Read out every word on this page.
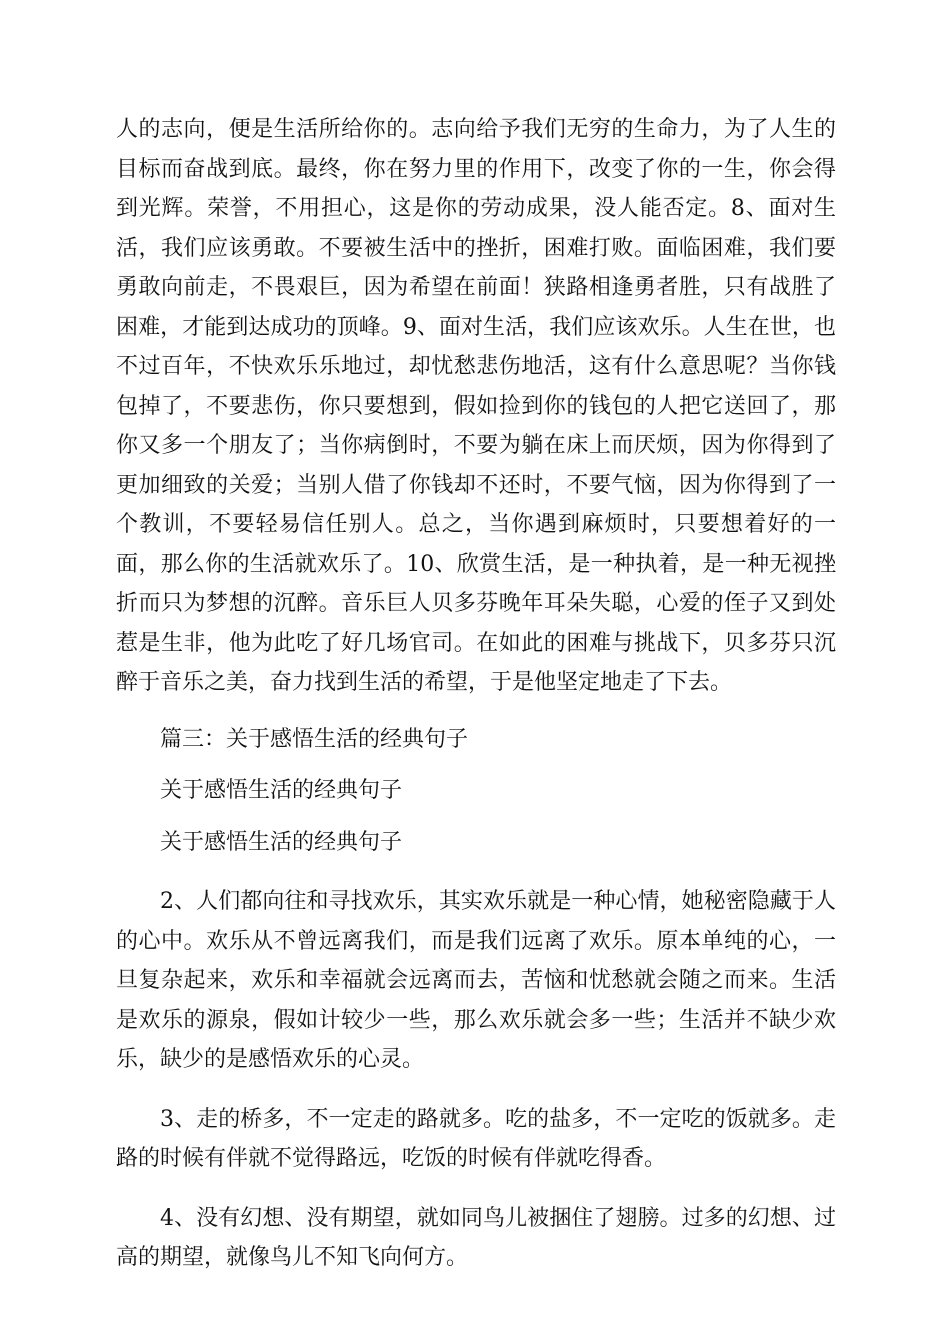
人的志向，便是生活所给你的。志向给予我们无穷的生命力，为了人生的目标而奋战到底。最终，你在努力里的作用下，改变了你的一生，你会得到光辉。荣誉，不用担心，这是你的劳动成果，没人能否定。8、面对生活，我们应该勇敢。不要被生活中的挫折，困难打败。面临困难，我们要勇敢向前走，不畏艰巨，因为希望在前面！狭路相逢勇者胜，只有战胜了困难，才能到达成功的顶峰。9、面对生活，我们应该欢乐。人生在世，也不过百年，不快欢乐乐地过，却忧愁悲伤地活，这有什么意思呢？当你钱包掉了，不要悲伤，你只要想到，假如捡到你的钱包的人把它送回了，那你又多一个朋友了；当你病倒时，不要为躺在床上而厌烦，因为你得到了更加细致的关爱；当别人借了你钱却不还时，不要气恼，因为你得到了一个教训，不要轻易信任别人。总之，当你遇到麻烦时，只要想着好的一面，那么你的生活就欢乐了。10、欣赏生活，是一种执着，是一种无视挫折而只为梦想的沉醉。音乐巨人贝多芬晚年耳朵失聪，心爱的侄子又到处惹是生非，他为此吃了好几场官司。在如此的困难与挑战下，贝多芬只沉醉于音乐之美，奋力找到生活的希望，于是他坚定地走了下去。

篇三：关于感悟生活的经典句子

关于感悟生活的经典句子

关于感悟生活的经典句子

2、人们都向往和寻找欢乐，其实欢乐就是一种心情，她秘密隐藏于人的心中。欢乐从不曾远离我们，而是我们远离了欢乐。原本单纯的心，一旦复杂起来，欢乐和幸福就会远离而去，苦恼和忧愁就会随之而来。生活是欢乐的源泉，假如计较少一些，那么欢乐就会多一些；生活并不缺少欢乐，缺少的是感悟欢乐的心灵。

3、走的桥多，不一定走的路就多。吃的盐多，不一定吃的饭就多。走路的时候有伴就不觉得路远，吃饭的时候有伴就吃得香。

4、没有幻想、没有期望，就如同鸟儿被捆住了翅膀。过多的幻想、过高的期望，就像鸟儿不知飞向何方。
